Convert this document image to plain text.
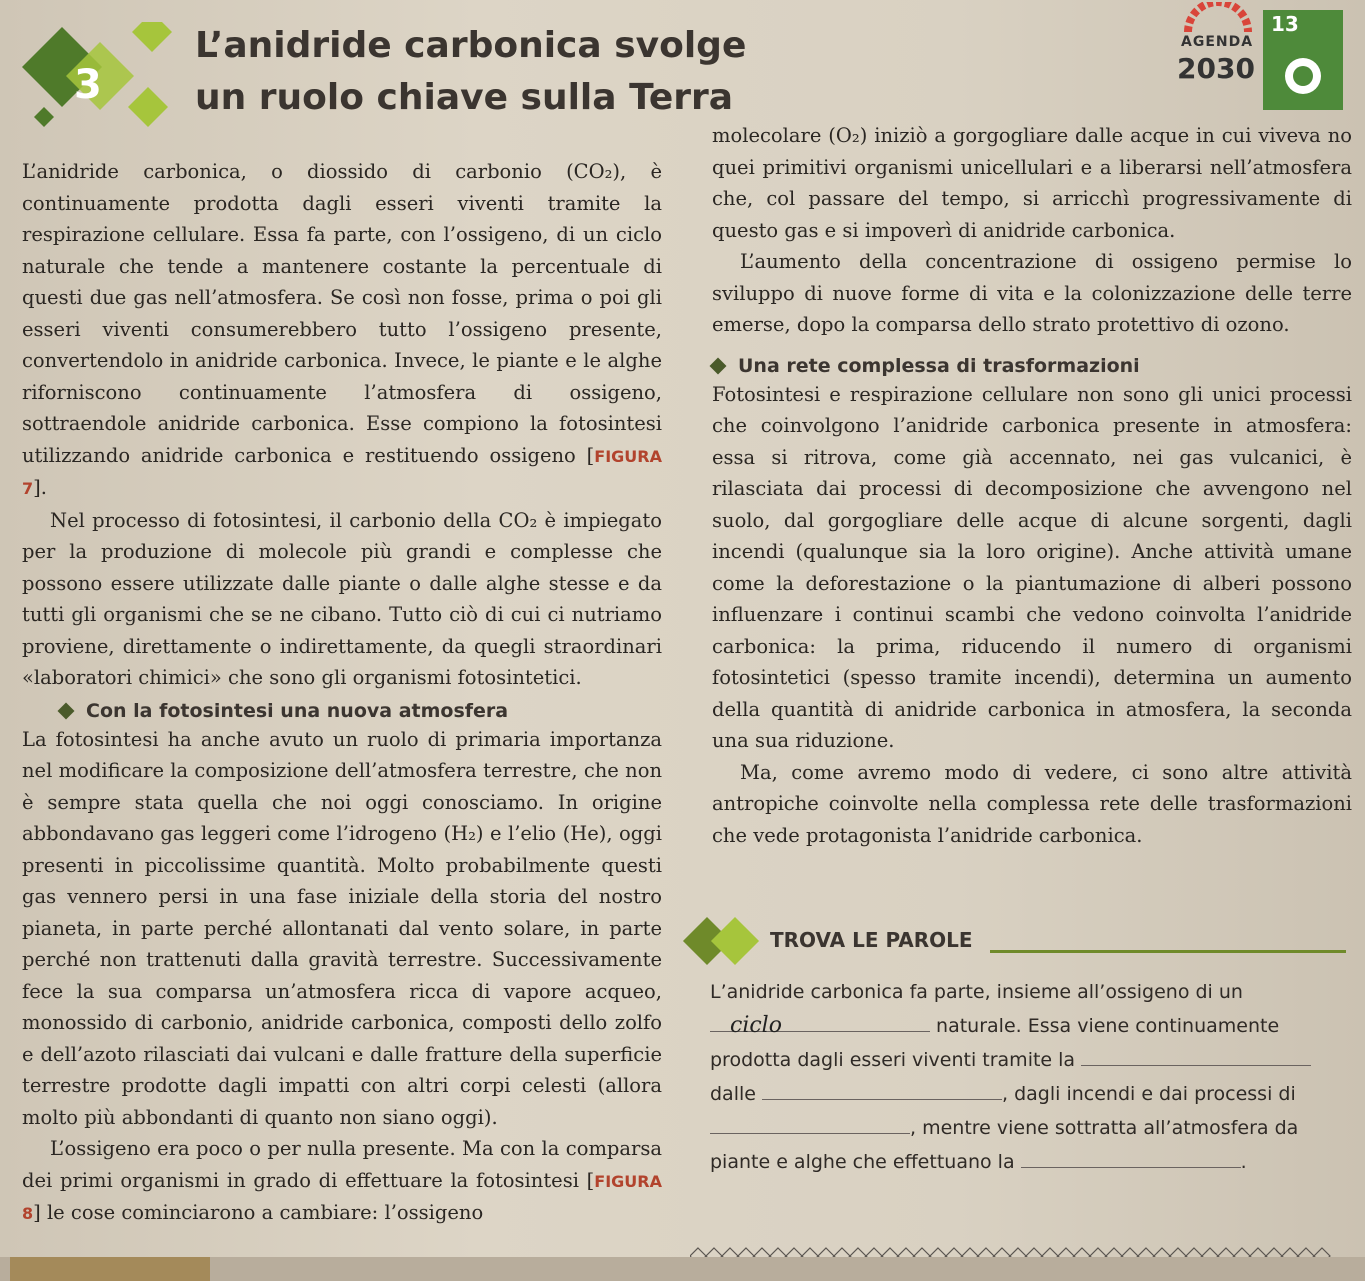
3
L’anidride carbonica svolge
un ruolo chiave sulla Terra
AGENDA
2030
13

L’anidride carbonica, o diossido di carbonio (CO₂), è continuamente prodotta dagli esseri viventi tramite la respirazione cellulare. Essa fa parte, con l’ossigeno, di un ciclo naturale che tende a mantenere costante la percentuale di questi due gas nell’atmosfera. Se così non fosse, prima o poi gli esseri viventi consumerebbero tutto l’ossigeno presente, convertendolo in anidride carbonica. Invece, le piante e le alghe riforniscono continuamente l’atmosfera di ossigeno, sottraendole anidride carbonica. Esse compiono la fotosintesi utilizzando anidride carbonica e restituendo ossigeno [FIGURA 7].

Nel processo di fotosintesi, il carbonio della CO₂ è impiegato per la produzione di molecole più grandi e complesse che possono essere utilizzate dalle piante o dalle alghe stesse e da tutti gli organismi che se ne cibano. Tutto ciò di cui ci nutriamo proviene, direttamente o indirettamente, da quegli straordinari «laboratori chimici» che sono gli organismi fotosintetici.

Con la fotosintesi una nuova atmosfera

La fotosintesi ha anche avuto un ruolo di primaria importanza nel modificare la composizione dell’atmosfera terrestre, che non è sempre stata quella che noi oggi conosciamo. In origine abbondavano gas leggeri come l’idrogeno (H₂) e l’elio (He), oggi presenti in piccolissime quantità. Molto probabilmente questi gas vennero persi in una fase iniziale della storia del nostro pianeta, in parte perché allontanati dal vento solare, in parte perché non trattenuti dalla gravità terrestre. Successivamente fece la sua comparsa un’atmosfera ricca di vapore acqueo, monossido di carbonio, anidride carbonica, composti dello zolfo e dell’azoto rilasciati dai vulcani e dalle fratture della superficie terrestre prodotte dagli impatti con altri corpi celesti (allora molto più abbondanti di quanto non siano oggi).

L’ossigeno era poco o per nulla presente. Ma con la comparsa dei primi organismi in grado di effettuare la fotosintesi [FIGURA 8] le cose cominciarono a cambiare: l’ossigeno

molecolare (O₂) iniziò a gorgogliare dalle acque in cui viveva no quei primitivi organismi unicellulari e a liberarsi nell’atmosfera che, col passare del tempo, si arricchì progressivamente di questo gas e si impoverì di anidride carbonica.

L’aumento della concentrazione di ossigeno permise lo sviluppo di nuove forme di vita e la colonizzazione delle terre emerse, dopo la comparsa dello strato protettivo di ozono.

Una rete complessa di trasformazioni

Fotosintesi e respirazione cellulare non sono gli unici processi che coinvolgono l’anidride carbonica presente in atmosfera: essa si ritrova, come già accennato, nei gas vulcanici, è rilasciata dai processi di decomposizione che avvengono nel suolo, dal gorgogliare delle acque di alcune sorgenti, dagli incendi (qualunque sia la loro origine). Anche attività umane come la deforestazione o la piantumazione di alberi possono influenzare i continui scambi che vedono coinvolta l’anidride carbonica: la prima, riducendo il numero di organismi fotosintetici (spesso tramite incendi), determina un aumento della quantità di anidride carbonica in atmosfera, la seconda una sua riduzione.

Ma, come avremo modo di vedere, ci sono altre attività antropiche coinvolte nella complessa rete delle trasformazioni che vede protagonista l’anidride carbonica.

TROVA LE PAROLE

L’anidride carbonica fa parte, insieme all’ossigeno di un

ciclo	naturale. Essa viene continuamente

prodotta dagli esseri viventi tramite la

dalle	, dagli incendi e dai processi di

, mentre viene sottratta all’atmosfera da

piante e alghe che effettuano la	.
